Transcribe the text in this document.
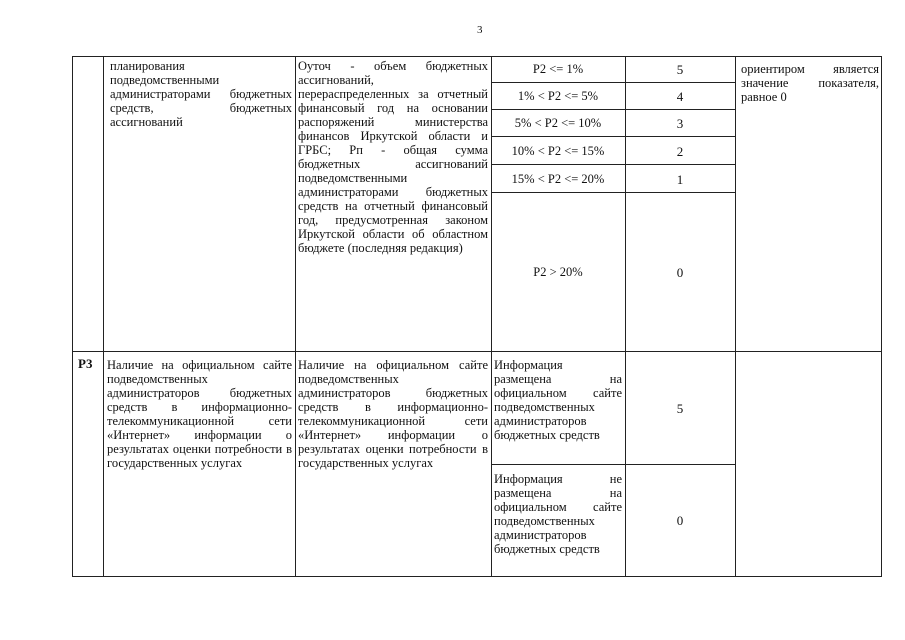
3

планирования подведомственными администраторами бюджетных средств, бюджетных ассигнований

Оуточ - объем бюджетных ассигнований, перераспределенных за отчетный финансовый год на основании распоряжений министерства финансов Иркутской области и ГРБС; Рп - общая сумма бюджетных ассигнований подведомственными администраторами бюджетных средств на отчетный финансовый год, предусмотренная законом Иркутской области об областном бюджете (последняя редакция)

P2 <= 1%
1% < P2 <= 5%
5% < P2 <= 10%
10% < P2 <= 15%
15% < P2 <= 20%
P2 > 20%
5
4
3
2
1
0

ориентиром является значение показателя, равное 0

P3 Наличие на официальном сайте подведомственных администраторов бюджетных средств в информационно-телекоммуникационной сети «Интернет» информации о результатах оценки потребности в государственных услугах

Наличие на официальном сайте подведомственных администраторов бюджетных средств в информационно-телекоммуникационной сети «Интернет» информации о результатах оценки потребности в государственных услугах

Информация размещена на официальном сайте подведомственных администраторов бюджетных средств

Информация не размещена на официальном сайте подведомственных администраторов бюджетных средств

5
0
